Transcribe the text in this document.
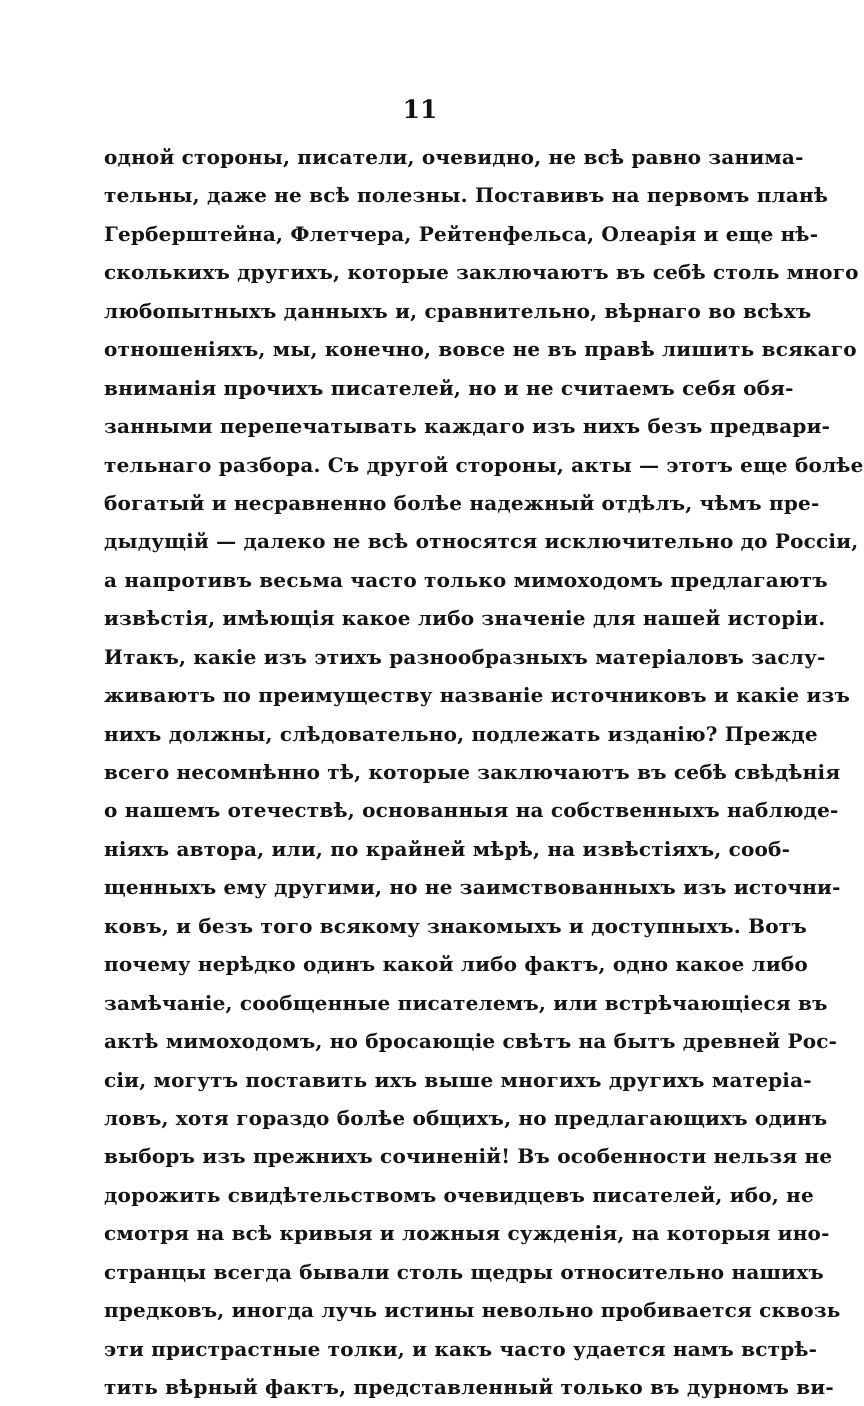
11
одной стороны, писатели, очевидно, не всѣ равно занима-
тельны, даже не всѣ полезны. Поставивъ на первомъ планѣ
Герберштейна, Флетчера, Рейтенфельса, Олеарія и еще нѣ-
сколькихъ другихъ, которые заключаютъ въ себѣ столь много
любопытныхъ данныхъ и, сравнительно, вѣрнаго во всѣхъ
отношеніяхъ, мы, конечно, вовсе не въ правѣ лишить всякаго
вниманія прочихъ писателей, но и не считаемъ себя обя-
занными перепечатывать каждаго изъ нихъ безъ предвари-
тельнаго разбора. Съ другой стороны, акты — этотъ еще болѣе
богатый и несравненно болѣе надежный отдѣлъ, чѣмъ пре-
дыдущій — далеко не всѣ относятся исключительно до Россіи,
а напротивъ весьма часто только мимоходомъ предлагаютъ
извѣстія, имѣющія какое либо значеніе для нашей исторіи.
Итакъ, какіе изъ этихъ разнообразныхъ матеріаловъ заслу-
живаютъ по преимуществу названіе источниковъ и какіе изъ
нихъ должны, слѣдовательно, подлежать изданію? Прежде
всего несомнѣнно тѣ, которые заключаютъ въ себѣ свѣдѣнія
о нашемъ отечествѣ, основанныя на собственныхъ наблюде-
ніяхъ автора, или, по крайней мѣрѣ, на извѣстіяхъ, сооб-
щенныхъ ему другими, но не заимствованныхъ изъ источни-
ковъ, и безъ того всякому знакомыхъ и доступныхъ. Вотъ
почему нерѣдко одинъ какой либо фактъ, одно какое либо
замѣчаніе, сообщенные писателемъ, или встрѣчающіеся въ
актѣ мимоходомъ, но бросающіе свѣтъ на бытъ древней Рос-
сіи, могутъ поставить ихъ выше многихъ другихъ матеріа-
ловъ, хотя гораздо болѣе общихъ, но предлагающихъ одинъ
выборъ изъ прежнихъ сочиненій! Въ особенности нельзя не
дорожить свидѣтельствомъ очевидцевъ писателей, ибо, не
смотря на всѣ кривыя и ложныя сужденія, на которыя ино-
странцы всегда бывали столь щедры относительно нашихъ
предковъ, иногда лучь истины невольно пробивается сквозь
эти пристрастные толки, и какъ часто удается намъ встрѣ-
тить вѣрный фактъ, представленный только въ дурномъ ви-
